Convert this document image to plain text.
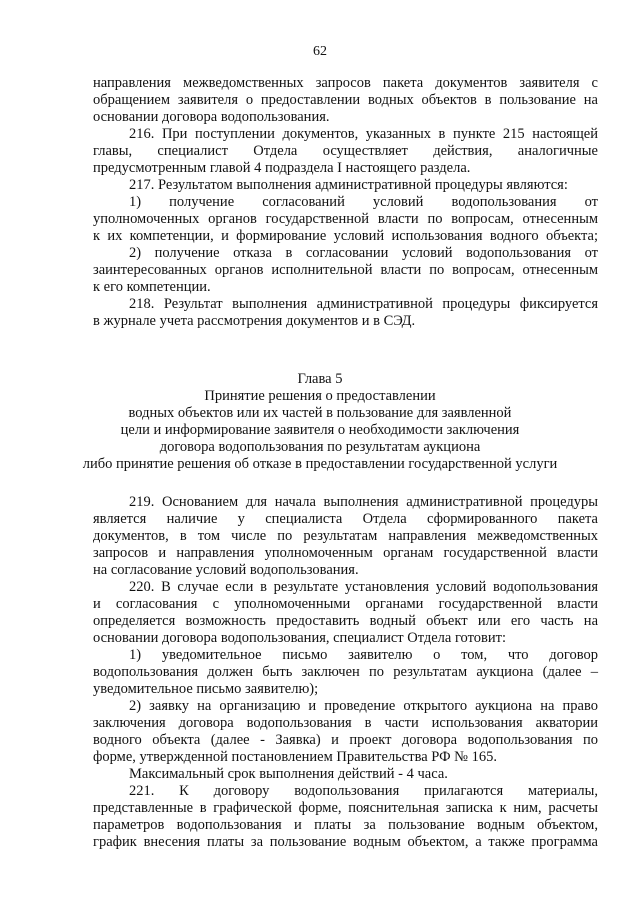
62
направления межведомственных запросов пакета документов заявителя с
обращением заявителя о предоставлении водных объектов в пользование на
основании договора водопользования.
216. При поступлении документов, указанных в пункте 215 настоящей
главы, специалист Отдела осуществляет действия, аналогичные
предусмотренным главой 4 подраздела I настоящего раздела.
217. Результатом выполнения административной процедуры являются:
1) получение согласований условий водопользования от
уполномоченных органов государственной власти по вопросам, отнесенным
к их компетенции, и формирование условий использования водного объекта;
2) получение отказа в согласовании условий водопользования от
заинтересованных органов исполнительной власти по вопросам, отнесенным
к его компетенции.
218. Результат выполнения административной процедуры фиксируется
в журнале учета рассмотрения документов и в СЭД.
Глава 5
Принятие решения о предоставлении
водных объектов или их частей в пользование для заявленной
цели и информирование заявителя о необходимости заключения
договора водопользования по результатам аукциона
либо принятие решения об отказе в предоставлении государственной услуги
219. Основанием для начала выполнения административной процедуры
является наличие у специалиста Отдела сформированного пакета
документов, в том числе по результатам направления межведомственных
запросов и направления уполномоченным органам государственной власти
на согласование условий водопользования.
220. В случае если в результате установления условий водопользования
и согласования с уполномоченными органами государственной власти
определяется возможность предоставить водный объект или его часть на
основании договора водопользования, специалист Отдела готовит:
1) уведомительное письмо заявителю о том, что договор
водопользования должен быть заключен по результатам аукциона (далее –
уведомительное письмо заявителю);
2) заявку на организацию и проведение открытого аукциона на право
заключения договора водопользования в части использования акватории
водного объекта (далее - Заявка) и проект договора водопользования по
форме, утвержденной постановлением Правительства РФ № 165.
Максимальный срок выполнения действий - 4 часа.
221. К договору водопользования прилагаются материалы,
представленные в графической форме, пояснительная записка к ним, расчеты
параметров водопользования и платы за пользование водным объектом,
график внесения платы за пользование водным объектом, а также программа
